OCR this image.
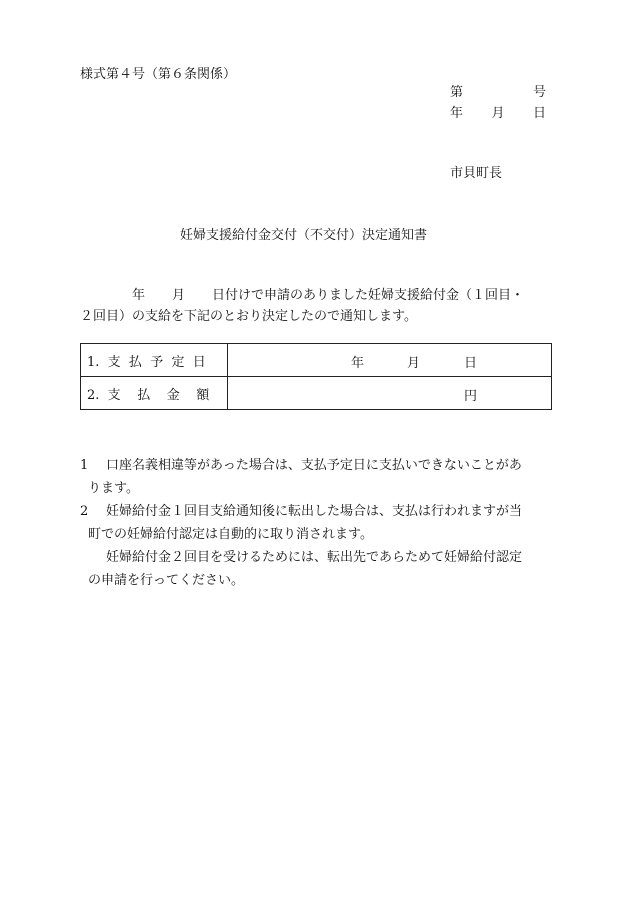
様式第４号（第６条関係）
第	号
年 月 日
市貝町長
妊婦支援給付金交付（不交付）決定通知書
年 月 日付けで申請のありました妊婦支援給付金（１回目・
２回目）の支給を下記のとおり決定したので通知します。
1.  支  払  予  定  日	年 月 日

2.  支    払    金    額	円
1 口座名義相違等があった場合は、支払予定日に支払いできないことがあ
ります。
2 妊婦給付金１回目支給通知後に転出した場合は、支払は行われますが当
町での妊婦給付認定は自動的に取り消されます。
妊婦給付金２回目を受けるためには、転出先であらためて妊婦給付認定
の申請を行ってください。
